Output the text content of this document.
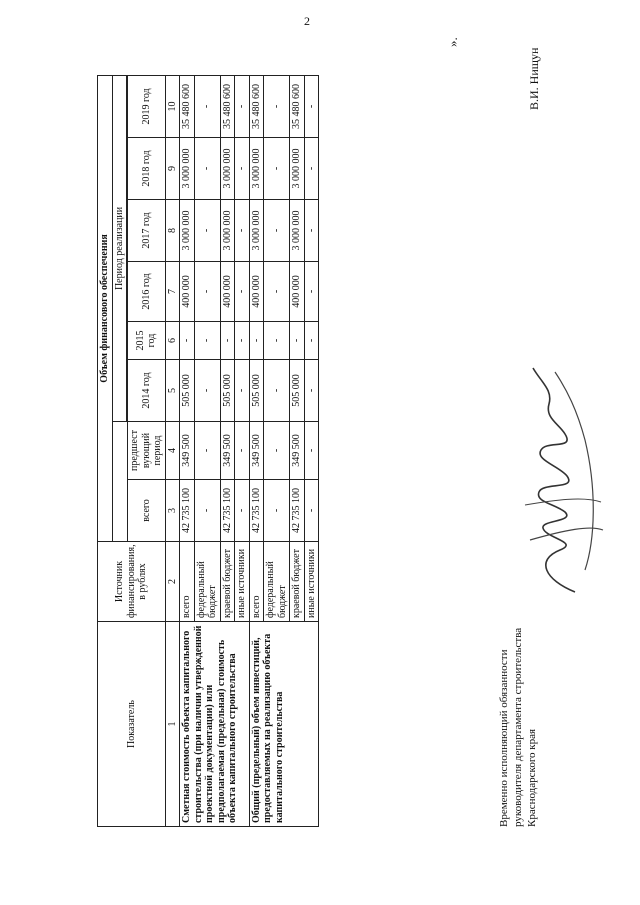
2
Показатель	Источник финансирования, в рублях	Объем финансового обеспечения								
				Период реализации						

		всего	предшест вующий период	2014 год	2015 год	2016 год	2017 год	2018 год	2019 год	
1	2	3	4	5	6	7	8	9	10	
Сметная стоимость объекта капитального строительства (при наличии утвержденной проектной документации) или предполагаемая (предельная) стоимость объекта капитального строительства	всего	42 735 100	349 500	505 000	-	400 000	3 000 000	3 000 000	35 480 600	
	федеральный бюджет	-	-	-	-	-	-	-	-	
	краевой бюджет	42 735 100	349 500	505 000	-	400 000	3 000 000	3 000 000	35 480 600	
	иные источники	-	-	-	-	-	-	-	-	
Общий (предельный) объем инвестиций, предоставляемых на реализацию объекта капитального строительства	всего	42 735 100	349 500	505 000	-	400 000	3 000 000	3 000 000	35 480 600	
	федеральный бюджет	-	-	-	-	-	-	-	-	
	краевой бюджет	42 735 100	349 500	505 000	-	400 000	3 000 000	3 000 000	35 480 600	
	иные источники	-	-	-	-	-	-	-	-	
».
Временно исполняющий обязанности руководителя департамента строительства Краснодарского края
В.И. Нищун
